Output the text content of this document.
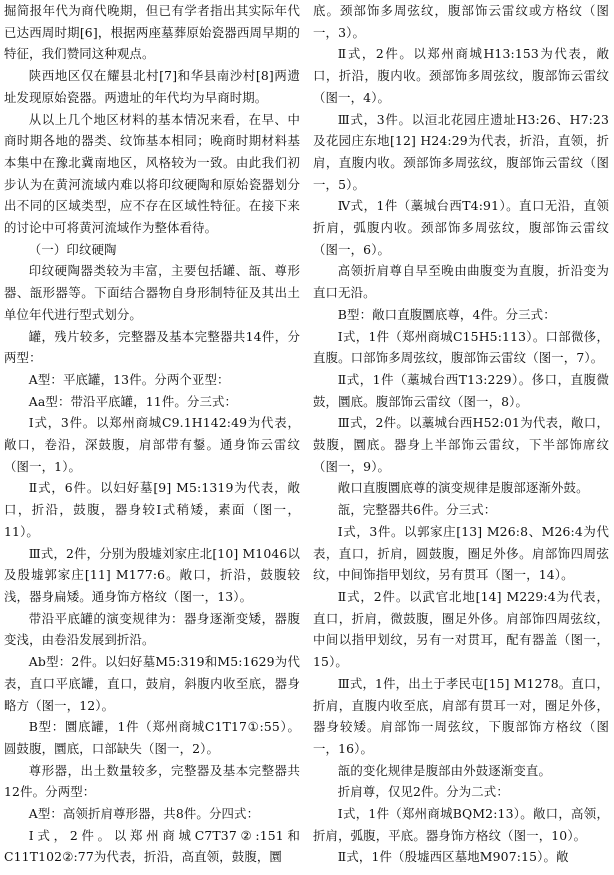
掘简报年代为商代晚期，但已有学者指出其实际年代已达西周时期[6]，根据两座墓葬原始瓷器西周早期的特征，我们赞同这种观点。

陕西地区仅在耀县北村[7]和华县南沙村[8]两遗址发现原始瓷器。两遗址的年代均为早商时期。

从以上几个地区材料的基本情况来看，在早、中商时期各地的器类、纹饰基本相同；晚商时期材料基本集中在豫北冀南地区，风格较为一致。由此我们初步认为在黄河流域内难以将印纹硬陶和原始瓷器划分出不同的区域类型，应不存在区域性特征。在接下来的讨论中可将黄河流域作为整体看待。

（一）印纹硬陶

印纹硬陶器类较为丰富，主要包括罐、瓿、尊形器、瓿形器等。下面结合器物自身形制特征及其出土单位年代进行型式划分。

罐，残片较多，完整器及基本完整器共14件，分两型：

A型：平底罐，13件。分两个亚型：

Aa型：带沿平底罐，11件。分三式：

Ⅰ式，3件。以郑州商城C9.1H142:49为代表，敞口，卷沿，深鼓腹，肩部带有鋬。通身饰云雷纹（图一，1）。

Ⅱ式，6件。以妇好墓[9] M5:1319为代表，敞口，折沿，鼓腹，器身较Ⅰ式稍矮，素面（图一，11）。

Ⅲ式，2件，分别为殷墟刘家庄北[10] M1046以及殷墟郭家庄[11] M177:6。敞口，折沿，鼓腹较浅，器身扁矮。通身饰方格纹（图一，13）。

带沿平底罐的演变规律为：器身逐渐变矮，器腹变浅，由卷沿发展到折沿。

Ab型：2件。以妇好墓M5:319和M5:1629为代表，直口平底罐，直口，鼓肩，斜腹内收至底，器身略方（图一，12）。

B型：圜底罐，1件（郑州商城C1T17①:55）。圆鼓腹，圜底，口部缺失（图一，2）。

尊形器，出土数量较多，完整器及基本完整器共12件。分两型：

A型：高领折肩尊形器，共8件。分四式：

Ⅰ式，2件。以郑州商城C7T37②:151和C11T102②:77为代表，折沿，高直领，鼓腹，圜

底。颈部饰多周弦纹，腹部饰云雷纹或方格纹（图一，3）。

Ⅱ式，2件。以郑州商城H13:153为代表，敞口，折沿，腹内收。颈部饰多周弦纹，腹部饰云雷纹（图一，4）。

Ⅲ式，3件。以洹北花园庄遗址H3:26、H7:23及花园庄东地[12] H24:29为代表，折沿，直领，折肩，直腹内收。颈部饰多周弦纹，腹部饰云雷纹（图一，5）。

Ⅳ式，1件（藁城台西T4:91）。直口无沿，直领折肩，弧腹内收。颈部饰多周弦纹，腹部饰云雷纹（图一，6）。

高领折肩尊自早至晚由曲腹变为直腹，折沿变为直口无沿。

B型：敞口直腹圜底尊，4件。分三式：

Ⅰ式，1件（郑州商城C15H5:113）。口部微侈，直腹。口部饰多周弦纹，腹部饰云雷纹（图一，7）。

Ⅱ式，1件（藁城台西T13:229）。侈口，直腹微鼓，圜底。腹部饰云雷纹（图一，8）。

Ⅲ式，2件。以藁城台西H52:01为代表，敞口，鼓腹，圜底。器身上半部饰云雷纹，下半部饰席纹（图一，9）。

敞口直腹圜底尊的演变规律是腹部逐渐外鼓。

瓿，完整器共6件。分三式：

Ⅰ式，3件。以郭家庄[13] M26:8、M26:4为代表，直口，折肩，圆鼓腹，圈足外侈。肩部饰四周弦纹，中间饰指甲划纹，另有贯耳（图一，14）。

Ⅱ式，2件。以武官北地[14] M229:4为代表，直口，折肩，微鼓腹，圈足外侈。肩部饰四周弦纹，中间以指甲划纹，另有一对贯耳，配有器盖（图一，15）。

Ⅲ式，1件，出土于孝民屯[15] M1278。直口，折肩，直腹内收至底，肩部有贯耳一对，圈足外侈，器身较矮。肩部饰一周弦纹，下腹部饰方格纹（图一，16）。

瓿的变化规律是腹部由外鼓逐渐变直。

折肩尊，仅见2件。分为二式：

Ⅰ式，1件（郑州商城BQM2:13）。敞口，高领，折肩，弧腹，平底。器身饰方格纹（图一，10）。

Ⅱ式，1件（殷墟西区墓地M907:15）。敞
